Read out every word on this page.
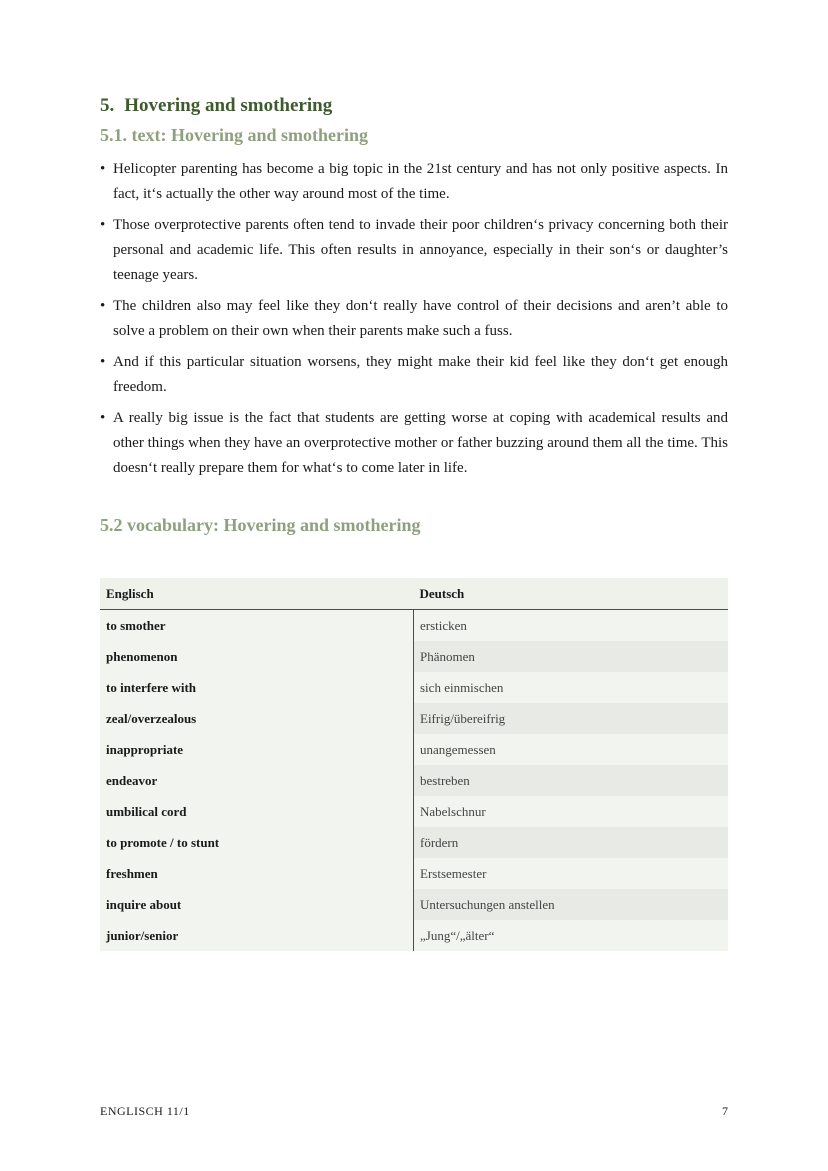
5. Hovering and smothering
5.1. text: Hovering and smothering
• Helicopter parenting has become a big topic in the 21st century and has not only positive aspects. In fact, it‘s actually the other way around most of the time.
• Those overprotective parents often tend to invade their poor children‘s privacy concerning both their personal and academic life. This often results in annoyance, especially in their son‘s or daughter’s teenage years.
• The children also may feel like they don‘t really have control of their decisions and aren’t able to solve a problem on their own when their parents make such a fuss.
• And if this particular situation worsens, they might make their kid feel like they don‘t get enough freedom.
• A really big issue is the fact that students are getting worse at coping with academical results and other things when they have an overprotective mother or father buzzing around them all the time. This doesn‘t really prepare them for what‘s to come later in life.
5.2 vocabulary: Hovering and smothering
Englisch	Deutsch
to smother	ersticken
phenomenon	Phänomen
to interfere with	sich einmischen
zeal/overzealous	Eifrig/übereifrig
inappropriate	unangemessen
endeavor	bestreben
umbilical cord	Nabelschnur
to promote / to stunt	fördern
freshmen	Erstsemester
inquire about	Untersuchungen anstellen
junior/senior	„Jung“/„älter“
ENGLISCH 11/1	7
